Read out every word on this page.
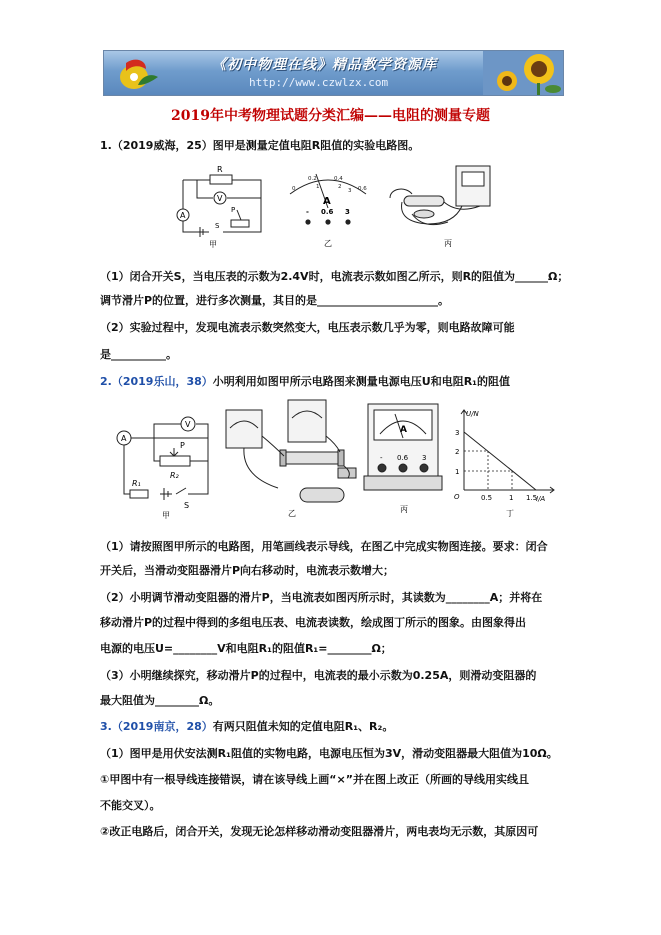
《初中物理在线》精品教学资源库
http://www.czwlzx.com
2019年中考物理试题分类汇编——电阻的测量专题
1.（2019威海，25）图甲是测量定值电阻R阻值的实验电路图。
R
V
A
P
S
甲
0
0.2	0.4
0.6
1	2
3
A
- 0.6 3
乙	丙
（1）闭合开关S，当电压表的示数为2.4V时，电流表示数如图乙所示，则R的阻值为______Ω；
调节滑片P的位置，进行多次测量，其目的是______________________。
（2）实验过程中，发现电流表示数突然变大，电压表示数几乎为零，则电路故障可能
是__________。
2.（2019乐山，38）小明利用如图甲所示电路图来测量电源电压U和电阻R₁的阻值
A
V
P
R₂
R₁
S
甲	乙
A
- 0.6 3
丙
U/N
I/A
O
1
2
3
0.5 1 1.5
丁
（1）请按照图甲所示的电路图，用笔画线表示导线，在图乙中完成实物图连接。要求：闭合
开关后，当滑动变阻器滑片P向右移动时，电流表示数增大；
（2）小明调节滑动变阻器的滑片P，当电流表如图丙所示时，其读数为________A；并将在
移动滑片P的过程中得到的多组电压表、电流表读数，绘成图丁所示的图象。由图象得出
电源的电压U=________V和电阻R₁的阻值R₁=________Ω；
（3）小明继续探究，移动滑片P的过程中，电流表的最小示数为0.25A，则滑动变阻器的
最大阻值为________Ω。
3.（2019南京，28）有两只阻值未知的定值电阻R₁、R₂。
（1）图甲是用伏安法测R₁阻值的实物电路，电源电压恒为3V，滑动变阻器最大阻值为10Ω。
①甲图中有一根导线连接错误，请在该导线上画“×”并在图上改正（所画的导线用实线且
不能交叉）。
②改正电路后，闭合开关，发现无论怎样移动滑动变阻器滑片，两电表均无示数，其原因可
